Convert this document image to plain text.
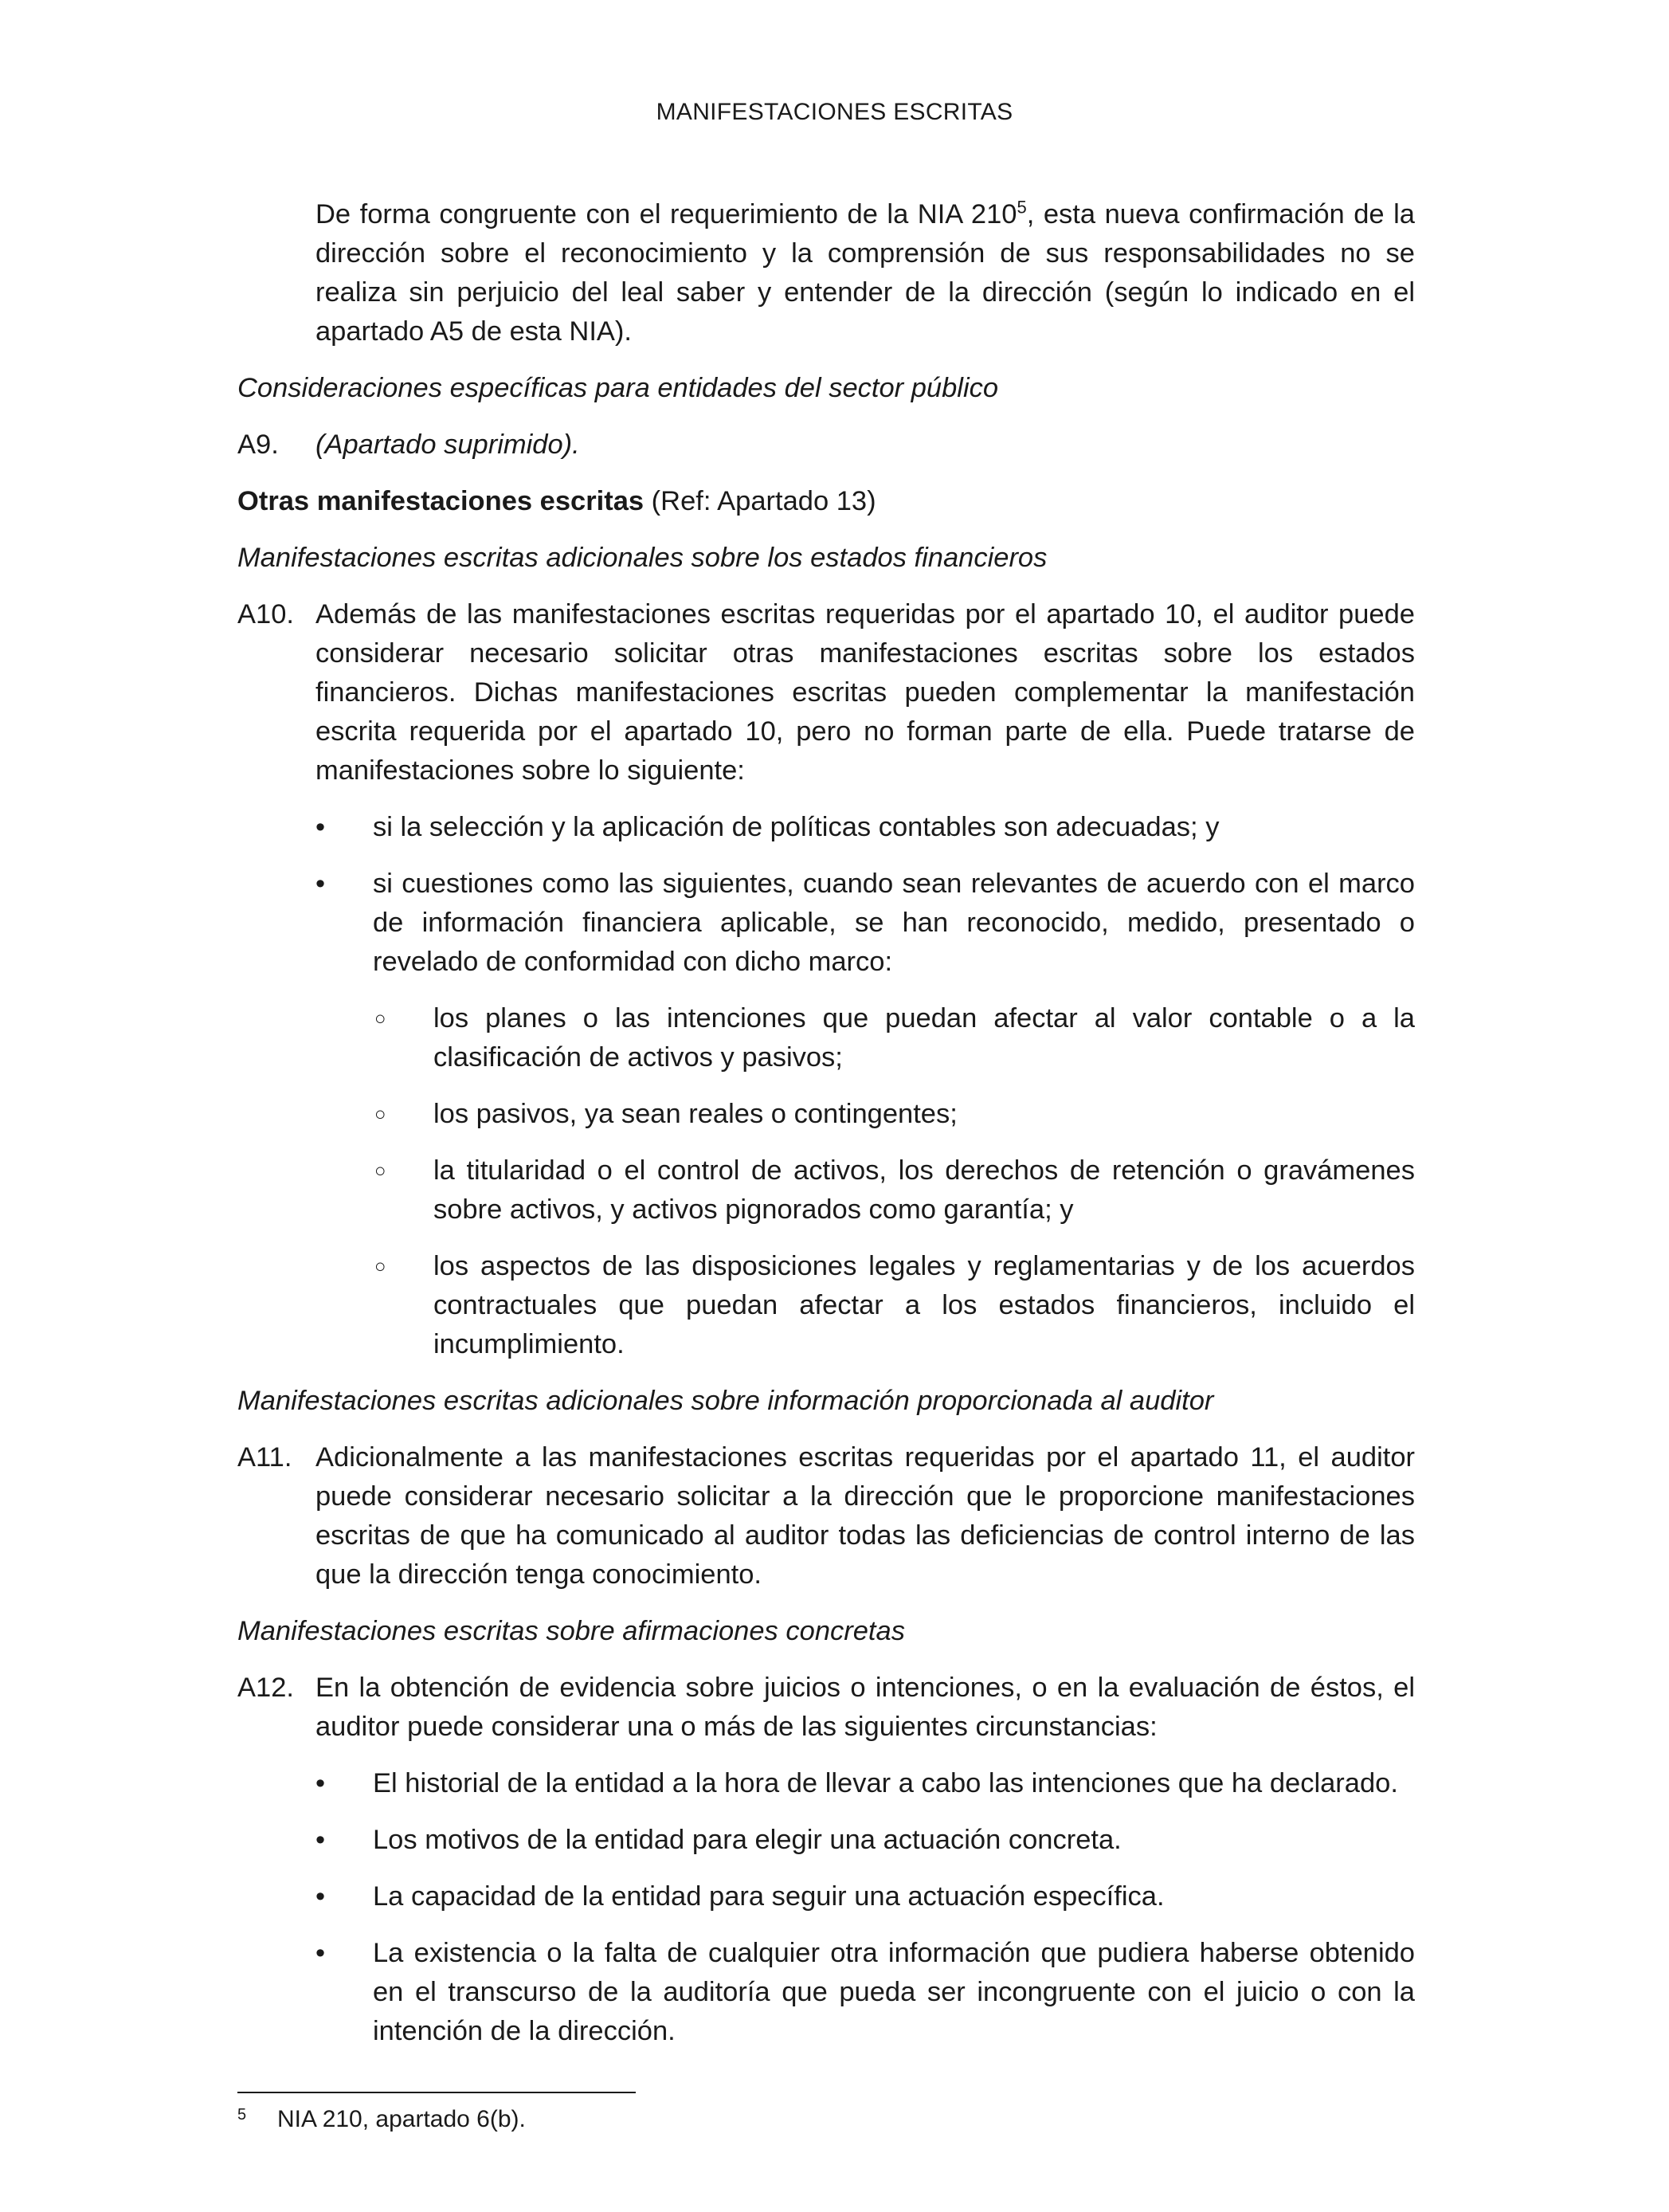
MANIFESTACIONES ESCRITAS

De forma congruente con el requerimiento de la NIA $210^5$, esta nueva confirmación de la dirección sobre el reconocimiento y la comprensión de sus responsabilidades no se realiza sin perjuicio del leal saber y entender de la dirección (según lo indicado en el apartado A5 de esta NIA).

Consideraciones específicas para entidades del sector público

A9.	(Apartado suprimido).

Otras manifestaciones escritas (Ref: Apartado 13)

Manifestaciones escritas adicionales sobre los estados financieros

A10. Además de las manifestaciones escritas requeridas por el apartado 10, el auditor puede considerar necesario solicitar otras manifestaciones escritas sobre los estados financieros. Dichas manifestaciones escritas pueden complementar la manifestación escrita requerida por el apartado 10, pero no forman parte de ella. Puede tratarse de manifestaciones sobre lo siguiente:
•	si la selección y la aplicación de políticas contables son adecuadas; y
•	si cuestiones como las siguientes, cuando sean relevantes de acuerdo con el marco de información financiera aplicable, se han reconocido, medido, presentado o revelado de conformidad con dicho marco:
○	los planes o las intenciones que puedan afectar al valor contable o a la clasificación de activos y pasivos;
○	los pasivos, ya sean reales o contingentes;
○	la titularidad o el control de activos, los derechos de retención o gravámenes sobre activos, y activos pignorados como garantía; y
○	los aspectos de las disposiciones legales y reglamentarias y de los acuerdos contractuales que puedan afectar a los estados financieros, incluido el incumplimiento.

Manifestaciones escritas adicionales sobre información proporcionada al auditor

A11. Adicionalmente a las manifestaciones escritas requeridas por el apartado 11, el auditor puede considerar necesario solicitar a la dirección que le proporcione manifestaciones escritas de que ha comunicado al auditor todas las deficiencias de control interno de las que la dirección tenga conocimiento.

Manifestaciones escritas sobre afirmaciones concretas

A12. En la obtención de evidencia sobre juicios o intenciones, o en la evaluación de éstos, el auditor puede considerar una o más de las siguientes circunstancias:
•	El historial de la entidad a la hora de llevar a cabo las intenciones que ha declarado.
•	Los motivos de la entidad para elegir una actuación concreta.
•	La capacidad de la entidad para seguir una actuación específica.
•	La existencia o la falta de cualquier otra información que pudiera haberse obtenido en el transcurso de la auditoría que pueda ser incongruente con el juicio o con la intención de la dirección.
5	NIA 210, apartado 6(b).
